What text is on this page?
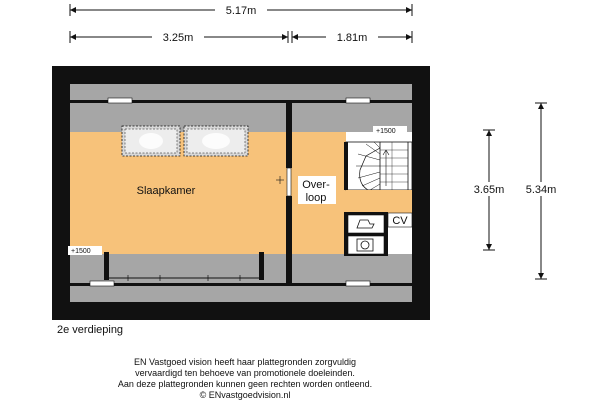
5.17m
3.25m	1.81m
3.65m 5.34m
CV
Slaapkamer	Over-
loop
+1500
+1500
2e verdieping
EN Vastgoed vision heeft haar plattegronden zorgvuldig
vervaardigd ten behoeve van promotionele doeleinden.
Aan deze plattegronden kunnen geen rechten worden ontleend.
© ENvastgoedvision.nl
